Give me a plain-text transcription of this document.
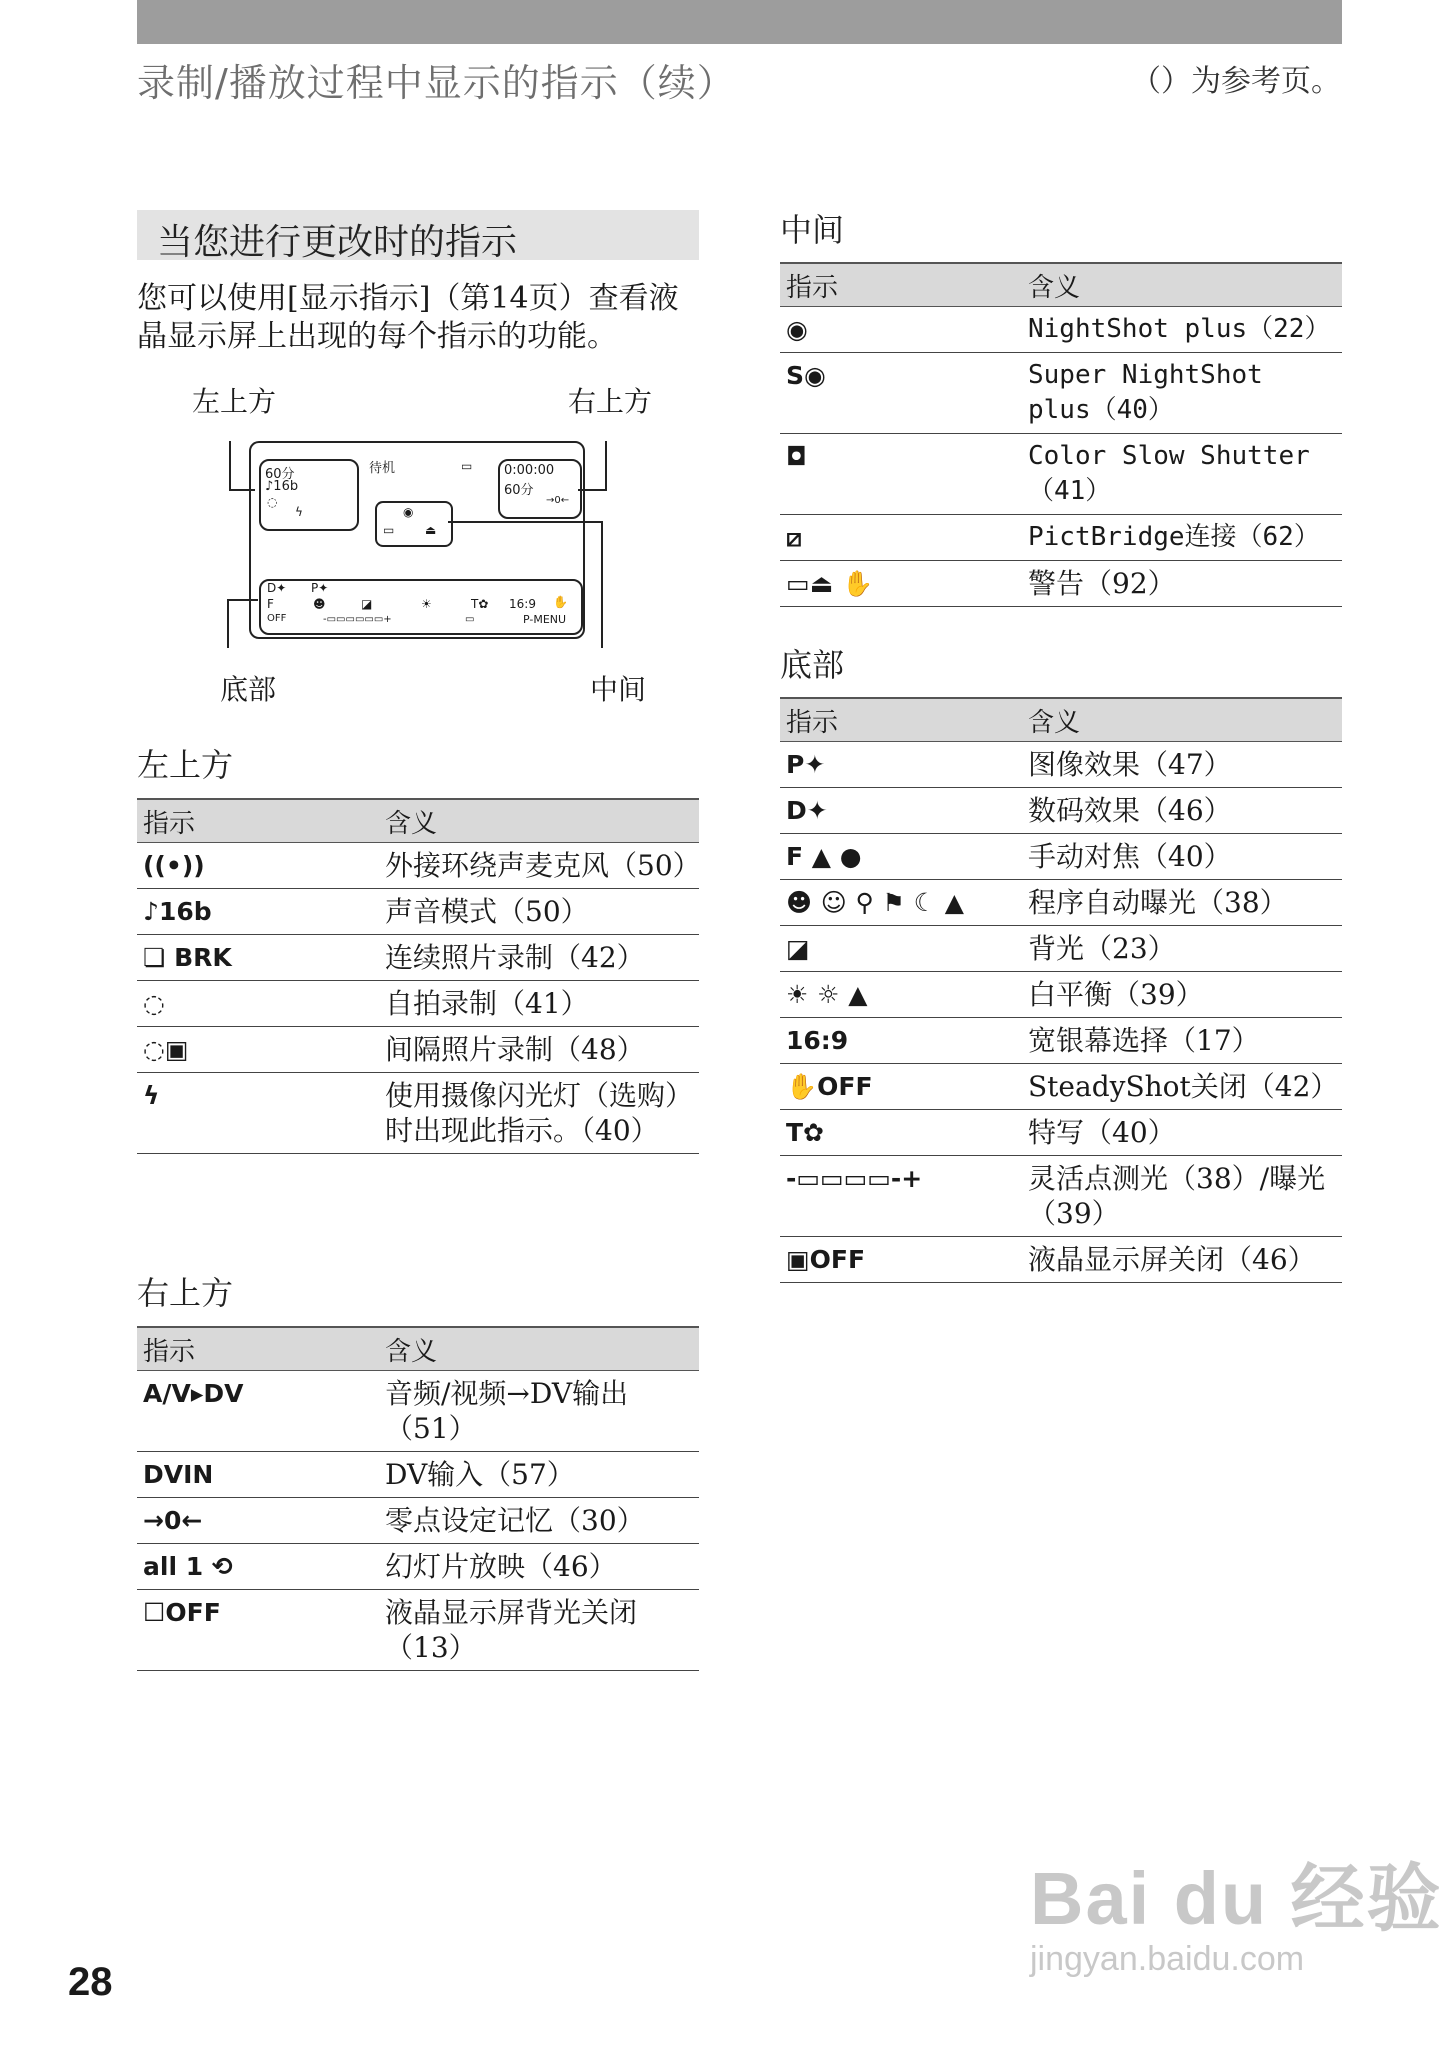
录制/播放过程中显示的指示（续）	（）为参考页。
当您进行更改时的指示
您可以使用[显示指示]（第14页）查看液晶显示屏上出现的每个指示的功能。
左上方	右上方
底部	中间
60分
♪16b
◌
ϟ
待机	▭ 0:00:00
60分
→0←
◉
▭	⏏
D✦ P✦
F	☻	◪	☀	T✿ 16:9 ✋
OFF	-▭▭▭▭▭▭+	▭	P-MENU
左上方
指示	含义
((•))	外接环绕声麦克风（50）
♪16b	声音模式（50）
❏ BRK	连续照片录制（42）
◌	自拍录制（41）
◌▣	间隔照片录制（48）
ϟ	使用摄像闪光灯（选购）时出现此指示。（40）
右上方
指示	含义
A/V▸DV	音频/视频→DV输出（51）
DVIN	DV输入（57）
→0←	零点设定记忆（30）
all 1 ⟲	幻灯片放映（46）
☐OFF	液晶显示屏背光关闭（13）
中间
指示	含义
◉	NightShot plus（22）
S◉	Super NightShot plus（40）
◘	Color Slow Shutter（41）
⧄	PictBridge连接（62）
▭⏏ ✋	警告（92）
底部
指示	含义
P✦	图像效果（47）
D✦	数码效果（46）
F ▲ ●	手动对焦（40）
☻ ☺ ⚲ ⚑ ☾ ▲	程序自动曝光（38）
◪	背光（23）
☀ ☼ ▲	白平衡（39）
16:9	宽银幕选择（17）
✋OFF	SteadyShot关闭（42）
T✿	特写（40）
-▭▭▭▭-+	灵活点测光（38）/曝光（39）
▣OFF	液晶显示屏关闭（46）
28
Bai du 经验
jingyan.baidu.com
